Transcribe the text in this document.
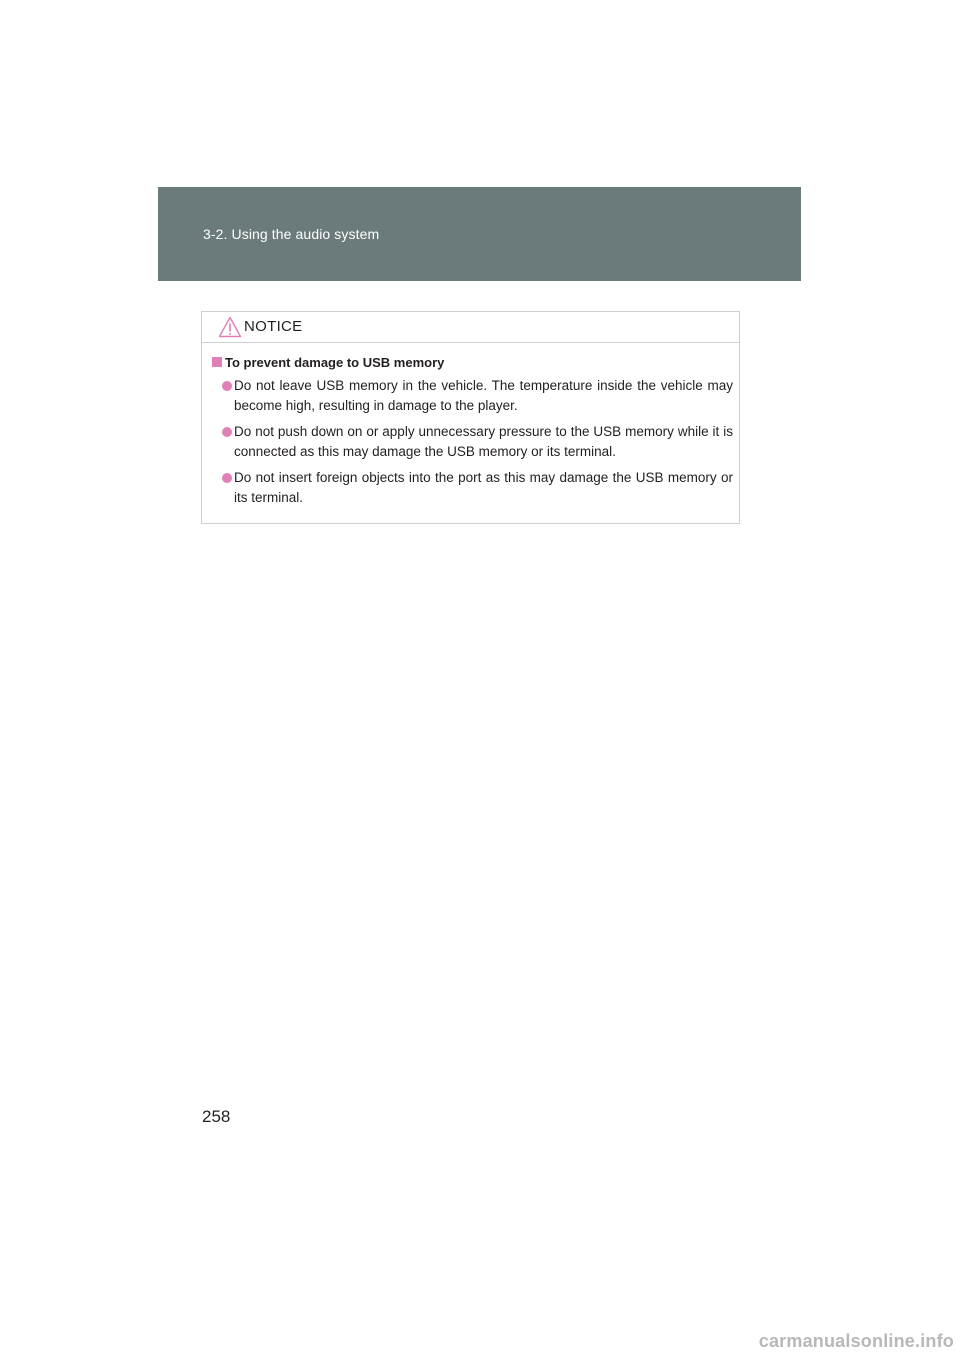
3-2. Using the audio system
NOTICE
To prevent damage to USB memory
Do not leave USB memory in the vehicle. The temperature inside the vehicle may become high, resulting in damage to the player.
Do not push down on or apply unnecessary pressure to the USB memory while it is connected as this may damage the USB memory or its terminal.
Do not insert foreign objects into the port as this may damage the USB memory or its terminal.
258
carmanualsonline.info
